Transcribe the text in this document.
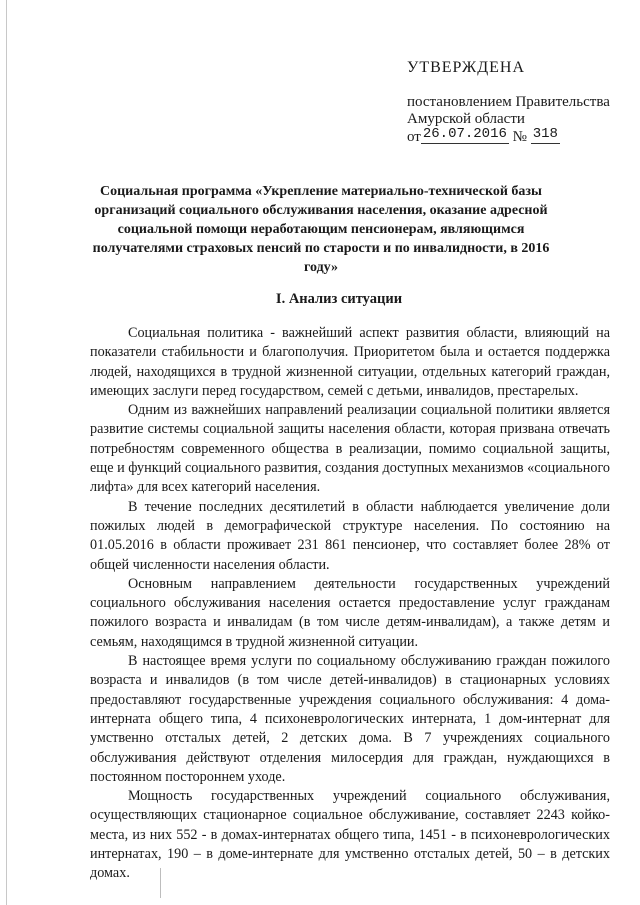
УТВЕРЖДЕНА

постановлением Правительства

Амурской области

от 26.07.2016 № 318

Социальная программа «Укрепление материально-технической базы организаций социального обслуживания населения, оказание адресной социальной помощи неработающим пенсионерам, являющимся получателями страховых пенсий по старости и по инвалидности, в 2016 году»

I. Анализ ситуации

Социальная политика - важнейший аспект развития области, влияющий на показатели стабильности и благополучия. Приоритетом была и остается поддержка людей, находящихся в трудной жизненной ситуации, отдельных категорий граждан, имеющих заслуги перед государством, семей с детьми, инвалидов, престарелых.

Одним из важнейших направлений реализации социальной политики является развитие системы социальной защиты населения области, которая призвана отвечать потребностям современного общества в реализации, помимо социальной защиты, еще и функций социального развития, создания доступных механизмов «социального лифта» для всех категорий населения.

В течение последних десятилетий в области наблюдается увеличение доли пожилых людей в демографической структуре населения. По состоянию на 01.05.2016 в области проживает 231 861 пенсионер, что составляет более 28% от общей численности населения области.

Основным направлением деятельности государственных учреждений социального обслуживания населения остается предоставление услуг гражданам пожилого возраста и инвалидам (в том числе детям-инвалидам), а также детям и семьям, находящимся в трудной жизненной ситуации.

В настоящее время услуги по социальному обслуживанию граждан пожилого возраста и инвалидов (в том числе детей-инвалидов) в стационарных условиях предоставляют государственные учреждения социального обслуживания: 4 дома-интерната общего типа, 4 психоневрологических интерната, 1 дом-интернат для умственно отсталых детей, 2 детских дома. В 7 учреждениях социального обслуживания действуют отделения милосердия для граждан, нуждающихся в постоянном постороннем уходе.

Мощность государственных учреждений социального обслуживания, осуществляющих стационарное социальное обслуживание, составляет 2243 койко-места, из них 552 - в домах-интернатах общего типа, 1451 - в психоневрологических интернатах, 190 – в доме-интернате для умственно отсталых детей, 50 – в детских домах.
